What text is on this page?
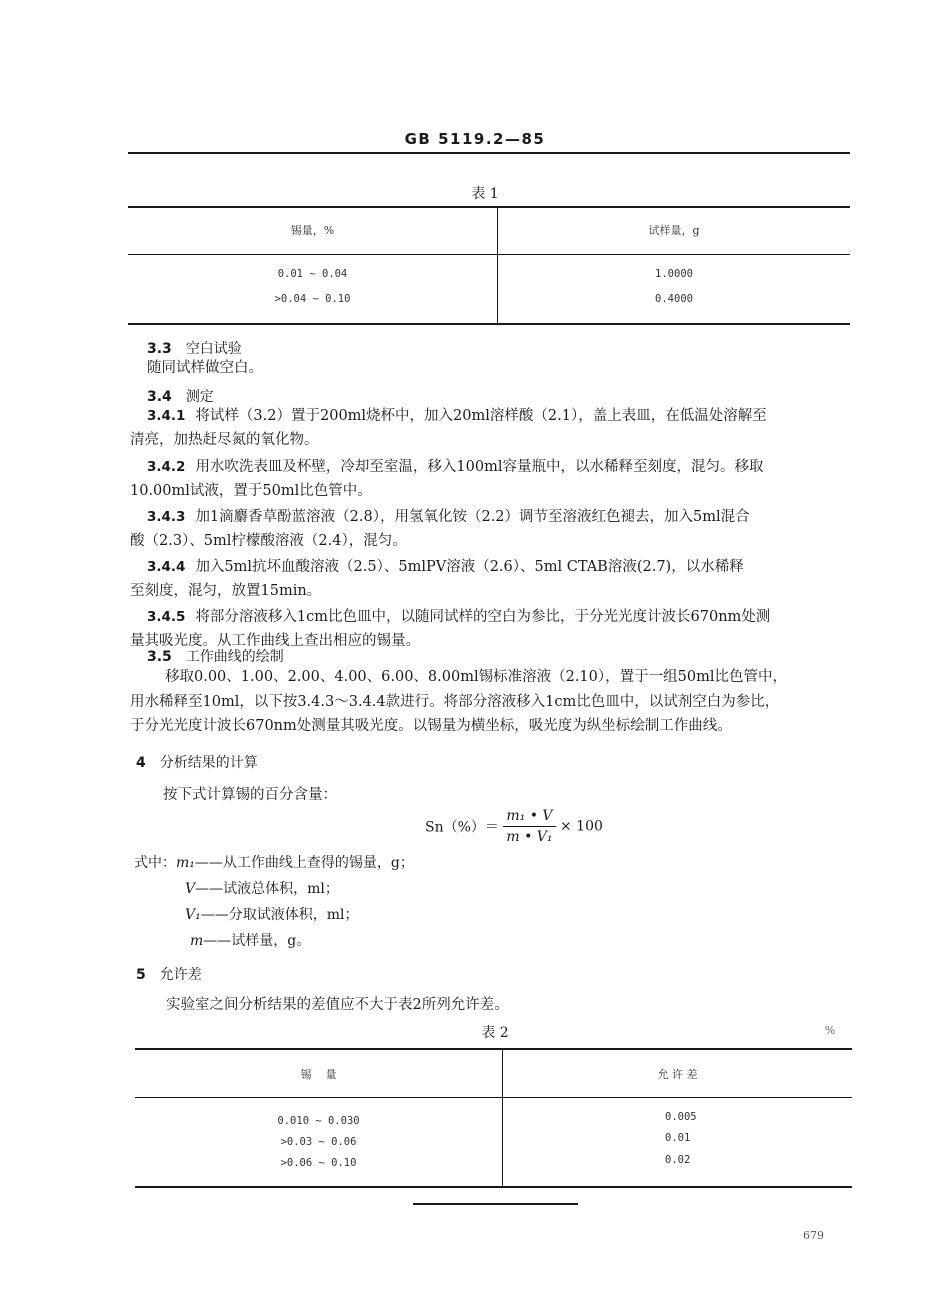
GB 5119.2—85
表 1
锡量，%	试样量，g
0.01 ~ 0.04	1.0000
>0.04 ~ 0.10	0.4000
3.3 空白试验
随同试样做空白。
3.4 测定
3.4.1 将试样（3.2）置于200ml烧杯中，加入20ml溶样酸（2.1），盖上表皿，在低温处溶解至
清亮，加热赶尽氮的氧化物。
3.4.2 用水吹洗表皿及杯壁，冷却至室温，移入100ml容量瓶中，以水稀释至刻度，混匀。移取
10.00ml试液，置于50ml比色管中。
3.4.3 加1滴麝香草酚蓝溶液（2.8），用氢氧化铵（2.2）调节至溶液红色褪去，加入5ml混合
酸（2.3）、5ml柠檬酸溶液（2.4），混匀。
3.4.4 加入5ml抗坏血酸溶液（2.5）、5mlPV溶液（2.6）、5ml CTAB溶液(2.7)，以水稀释
至刻度，混匀，放置15min。
3.4.5 将部分溶液移入1cm比色皿中，以随同试样的空白为参比，于分光光度计波长670nm处测
量其吸光度。从工作曲线上查出相应的锡量。
3.5 工作曲线的绘制
移取0.00、1.00、2.00、4.00、6.00、8.00ml锡标准溶液（2.10），置于一组50ml比色管中，
用水稀释至10ml，以下按3.4.3～3.4.4款进行。将部分溶液移入1cm比色皿中，以试剂空白为参比，
于分光光度计波长670nm处测量其吸光度。以锡量为横坐标，吸光度为纵坐标绘制工作曲线。
4 分析结果的计算
按下式计算锡的百分含量：
$Sn(\%)= \frac{\text{m₁ • V}}{\text{m • V₁}} \times 100$
式中：m₁——从工作曲线上查得的锡量，g；
V——试液总体积，ml；
V₁——分取试液体积，ml；
m——试样量，g。
5 允许差
实验室之间分析结果的差值应不大于表2所列允许差。
表 2	%
锡    量	允 许 差
0.010 ~ 0.030	0.005
>0.03 ~ 0.06	0.01
>0.06 ~ 0.10	0.02
679
